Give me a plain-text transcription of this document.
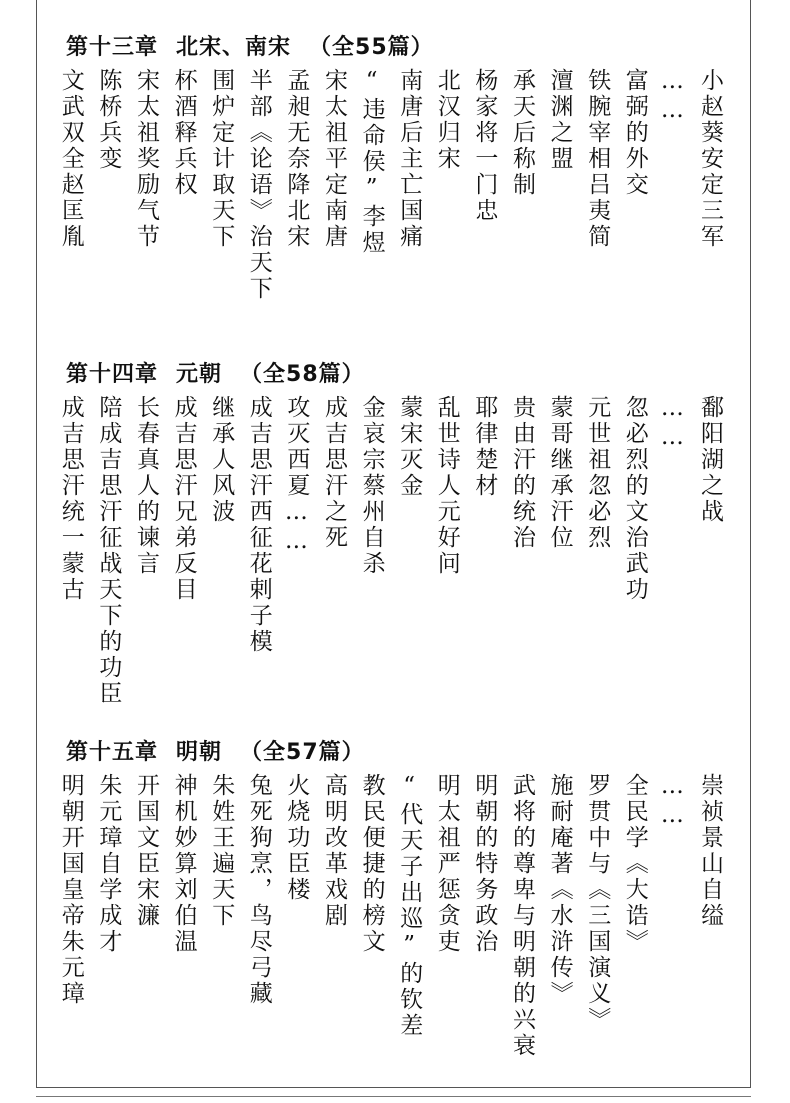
第十三章 北宋、南宋 （全55篇）
小赵葵安定三军
……
富弼的外交
铁腕宰相吕夷简
澶渊之盟
承天后称制
杨家将一门忠
北汉归宋
南唐后主亡国痛
“违命侯”李煜
宋太祖平定南唐
孟昶无奈降北宋
半部《论语》治天下
围炉定计取天下
杯酒释兵权
宋太祖奖励气节
陈桥兵变
文武双全赵匡胤
第十四章 元朝 （全58篇）
鄱阳湖之战
……
忽必烈的文治武功
元世祖忽必烈
蒙哥继承汗位
贵由汗的统治
耶律楚材
乱世诗人元好问
蒙宋灭金
金哀宗蔡州自杀
成吉思汗之死
攻灭西夏……
成吉思汗西征花剌子模
继承人风波
成吉思汗兄弟反目
长春真人的谏言
陪成吉思汗征战天下的功臣
成吉思汗统一蒙古
第十五章 明朝 （全57篇）
崇祯景山自缢
……
全民学《大诰》
罗贯中与《三国演义》
施耐庵著《水浒传》
武将的尊卑与明朝的兴衰
明朝的特务政治
明太祖严惩贪吏
“代天子出巡”的钦差
教民便捷的榜文
高明改革戏剧
火烧功臣楼
兔死狗烹，鸟尽弓藏
朱姓王遍天下
神机妙算刘伯温
开国文臣宋濂
朱元璋自学成才
明朝开国皇帝朱元璋
